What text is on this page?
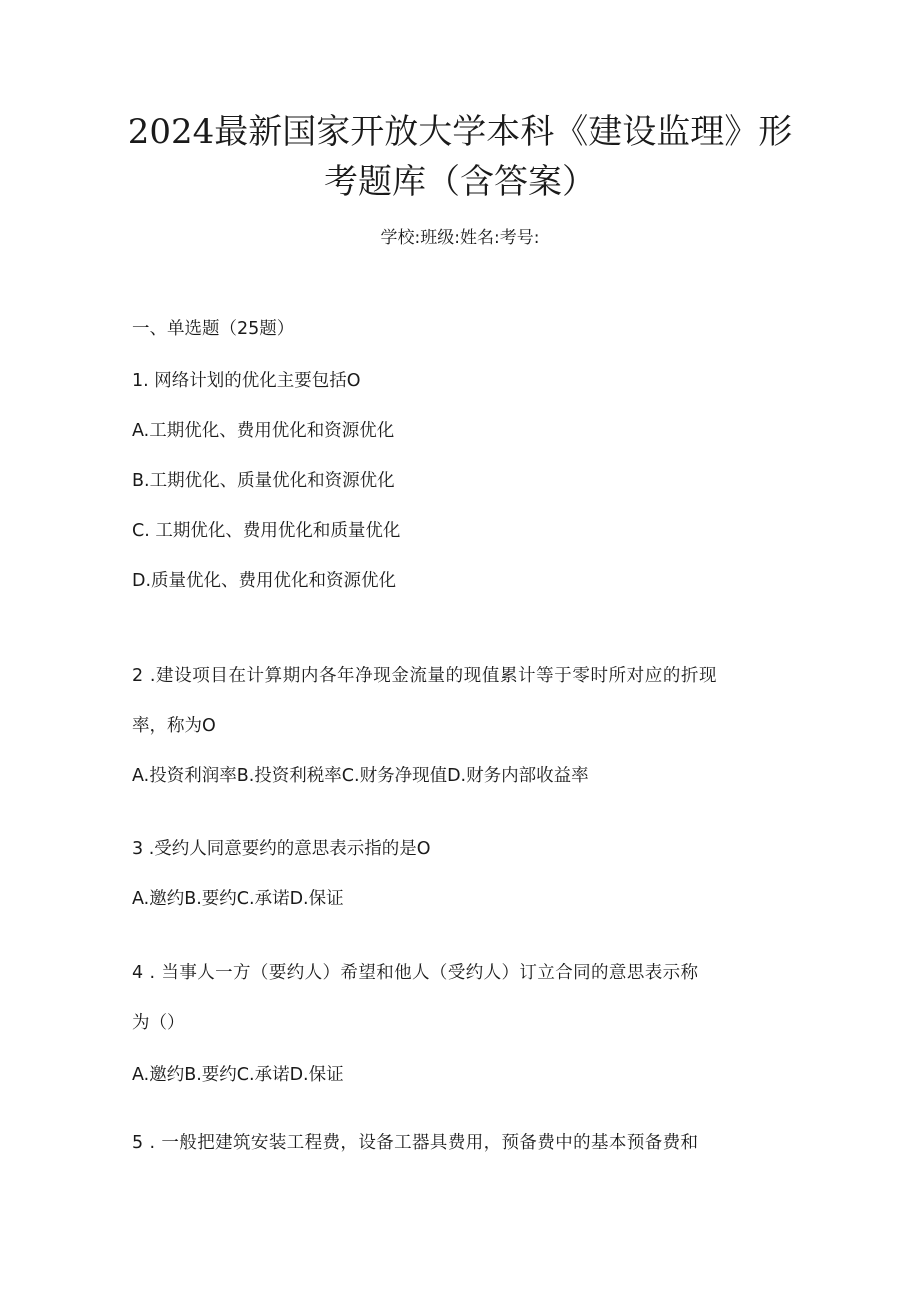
2024最新国家开放大学本科《建设监理》形
考题库（含答案）
学校:班级:姓名:考号:
一、单选题（25题）
1. 网络计划的优化主要包括O
A.工期优化、费用优化和资源优化
B.工期优化、质量优化和资源优化
C. 工期优化、费用优化和质量优化
D.质量优化、费用优化和资源优化
2 .建设项目在计算期内各年净现金流量的现值累计等于零时所对应的折现
率，称为O
A.投资利润率B.投资利税率C.财务净现值D.财务内部收益率
3 .受约人同意要约的意思表示指的是O
A.邀约B.要约C.承诺D.保证
4 . 当事人一方（要约人）希望和他人（受约人）订立合同的意思表示称
为（）
A.邀约B.要约C.承诺D.保证
5 . 一般把建筑安装工程费，设备工器具费用，预备费中的基本预备费和
